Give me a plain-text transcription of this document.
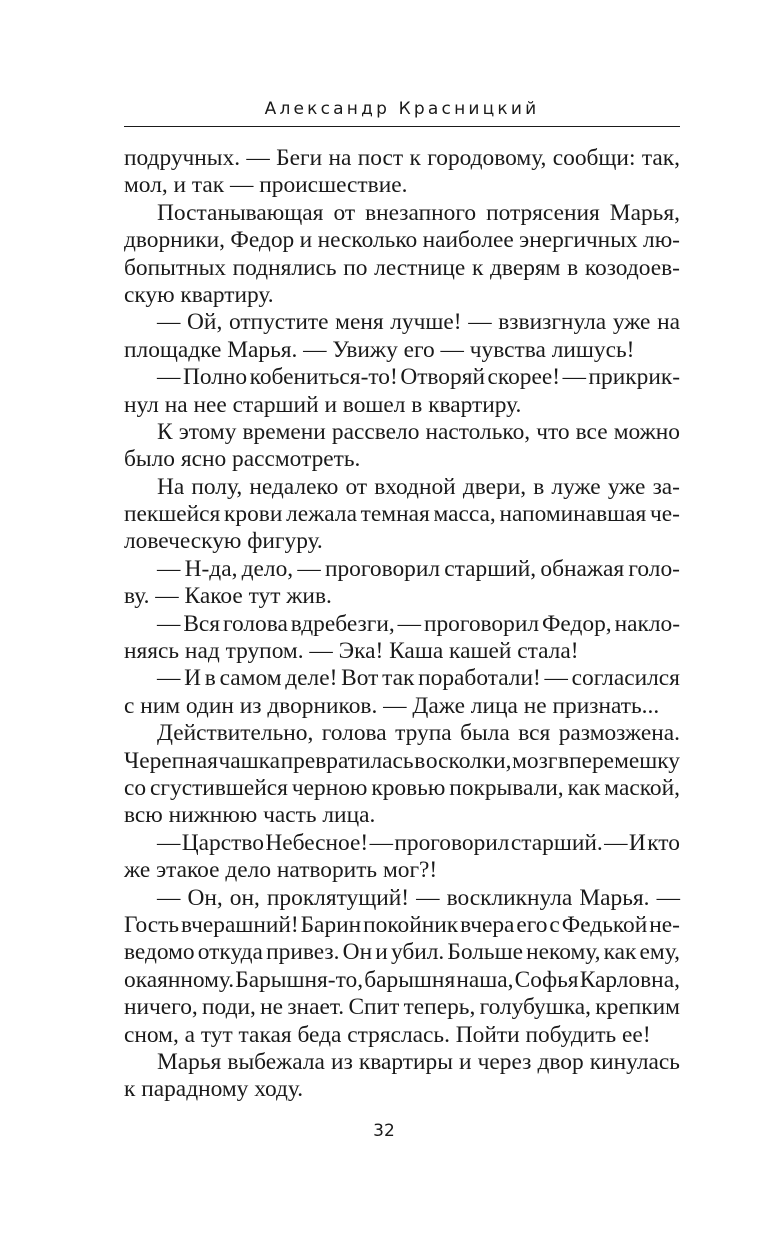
Александр Красницкий
подручных. — Беги на пост к городовому, сообщи: так,
мол, и так — происшествие.
Постанывающая от внезапного потрясения Марья,
дворники, Федор и несколько наиболее энергичных лю-
бопытных поднялись по лестнице к дверям в козодоев-
скую квартиру.
— Ой, отпустите меня лучше! — взвизгнула уже на
площадке Марья. — Увижу его — чувства лишусь!
— Полно кобениться-то! Отворяй скорее! — прикрик-
нул на нее старший и вошел в квартиру.
К этому времени рассвело настолько, что все можно
было ясно рассмотреть.
На полу, недалеко от входной двери, в луже уже за-
пекшейся крови лежала темная масса, напоминавшая че-
ловеческую фигуру.
— Н-да, дело, — проговорил старший, обнажая голо-
ву. — Какое тут жив.
— Вся голова вдребезги, — проговорил Федор, накло-
няясь над трупом. — Эка! Каша кашей стала!
— И в самом деле! Вот так поработали! — согласился
с ним один из дворников. — Даже лица не признать...
Действительно, голова трупа была вся размозжена.
Черепная чашка превратилась в осколки, мозг вперемешку
со сгустившейся черною кровью покрывали, как маской,
всю нижнюю часть лица.
— Царство Небесное! — проговорил старший. — И кто
же этакое дело натворить мог?!
— Он, он, проклятущий! — воскликнула Марья. —
Гость вчерашний! Барин покойник вчера его с Федькой не-
ведомо откуда привез. Он и убил. Больше некому, как ему,
окаянному. Барышня-то, барышня наша, Софья Карловна,
ничего, поди, не знает. Спит теперь, голубушка, крепким
сном, а тут такая беда стряслась. Пойти побудить ее!
Марья выбежала из квартиры и через двор кинулась
к парадному ходу.
32
